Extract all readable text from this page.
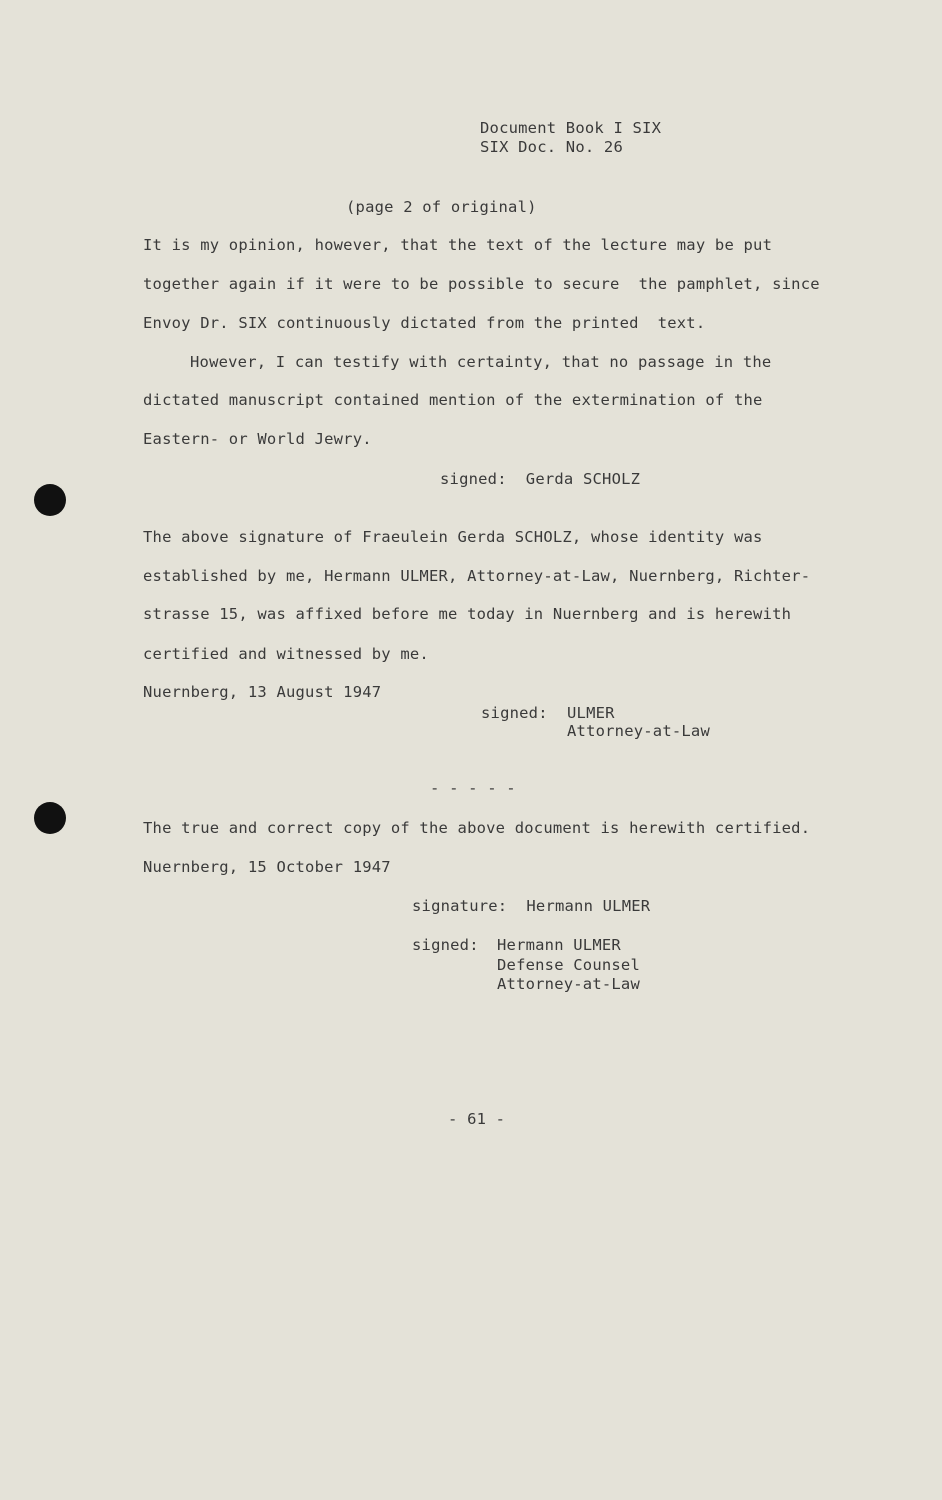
Document Book I SIX
SIX Doc. No. 26
(page 2 of original)
It is my opinion, however, that the text of the lecture may be put
together again if it were to be possible to secure  the pamphlet, since
Envoy Dr. SIX continuously dictated from the printed  text.
However, I can testify with certainty, that no passage in the
dictated manuscript contained mention of the extermination of the
Eastern- or World Jewry.
signed:  Gerda SCHOLZ
The above signature of Fraeulein Gerda SCHOLZ, whose identity was
established by me, Hermann ULMER, Attorney-at-Law, Nuernberg, Richter-
strasse 15, was affixed before me today in Nuernberg and is herewith
certified and witnessed by me.
Nuernberg, 13 August 1947
signed: ULMER
Attorney-at-Law
- - - - -
The true and correct copy of the above document is herewith certified.
Nuernberg, 15 October 1947
signature:  Hermann ULMER
signed: Hermann ULMER
Defense Counsel
Attorney-at-Law
- 61 -
